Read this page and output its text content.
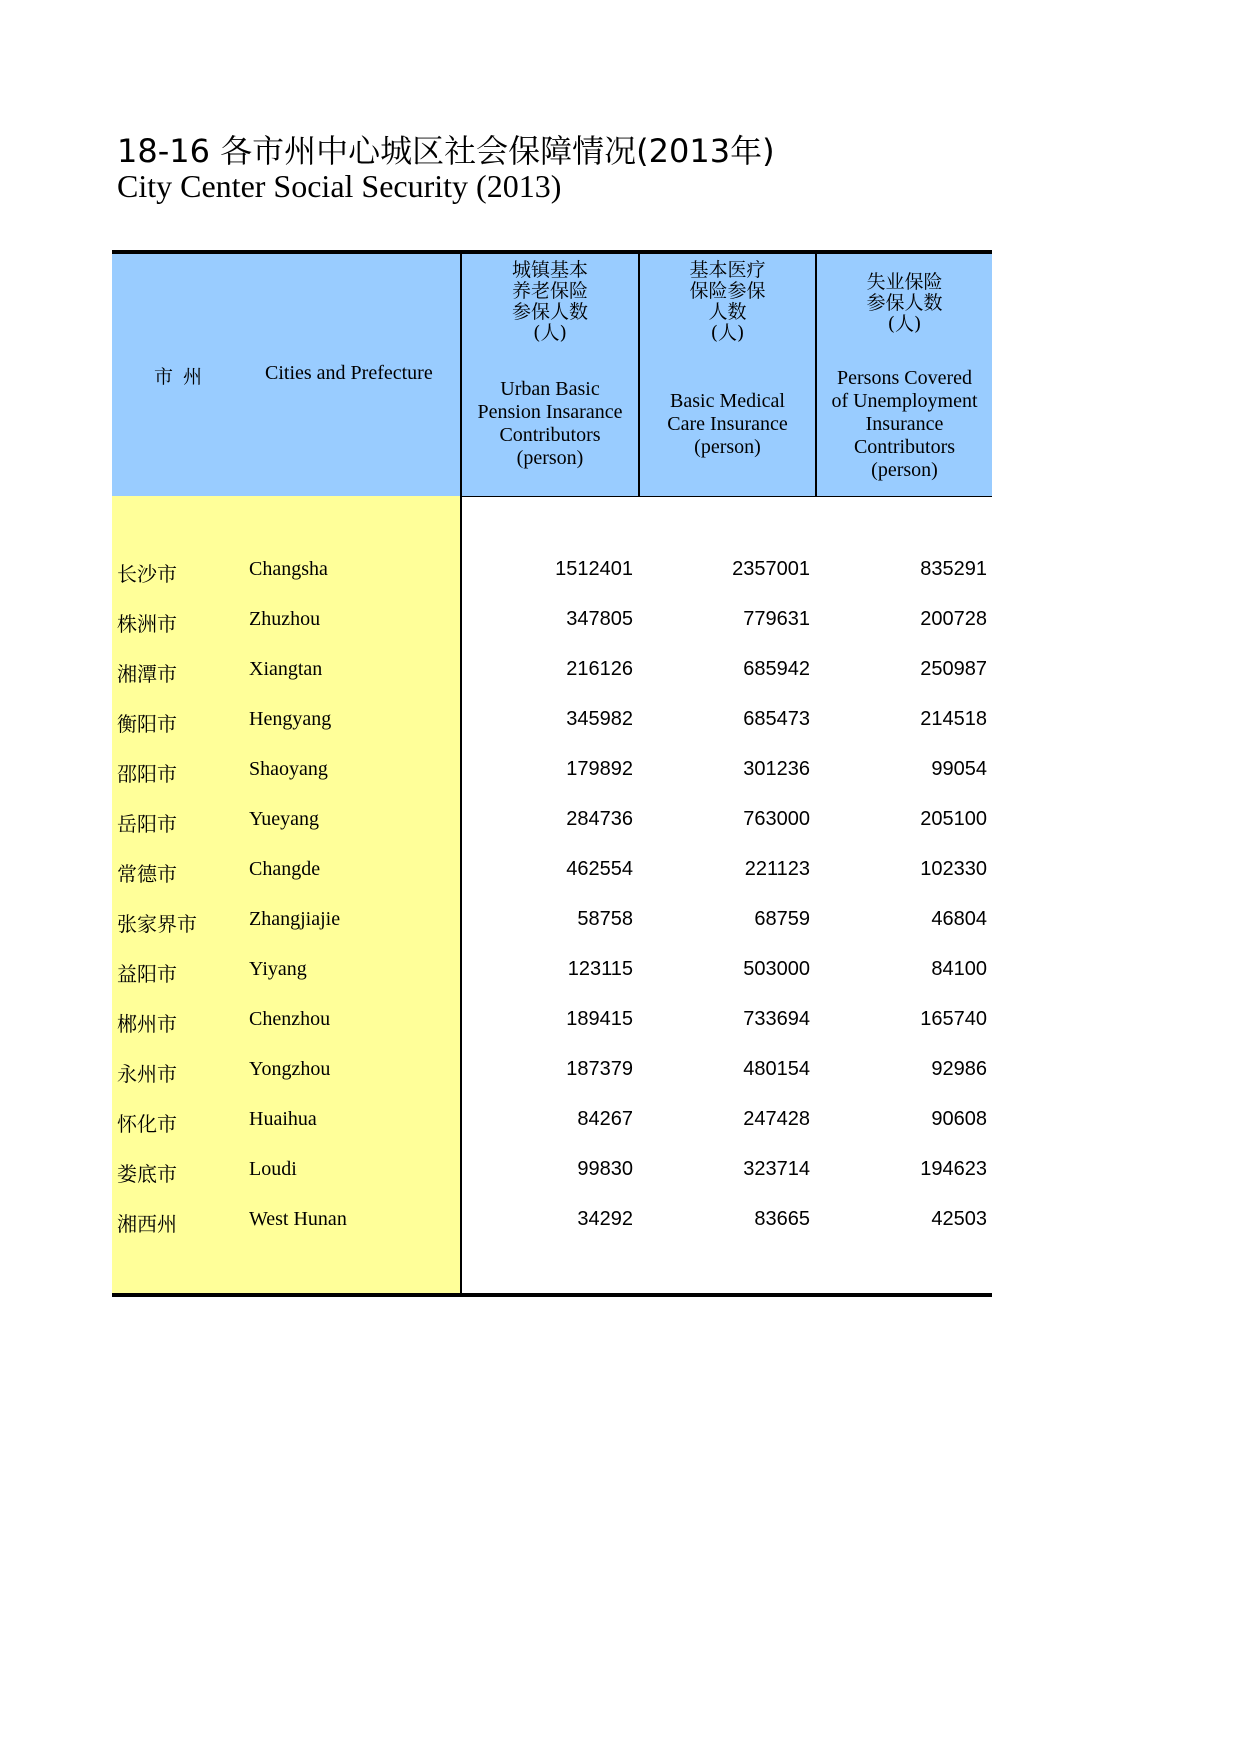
18-16 各市州中心城区社会保障情况(2013年)
City Center Social Security (2013)
市州	Cities and Prefecture
城镇基本
养老保险
参保人数
(人)
Urban Basic
Pension Insarance
Contributors
(person)
基本医疗
保险参保
人数
(人)
Basic Medical
Care Insurance
(person)
失业保险
参保人数
(人)
Persons Covered
of Unemployment
Insurance
Contributors
(person)
长沙市	Changsha	1512401	2357001	835291
株洲市	Zhuzhou	347805	779631	200728
湘潭市	Xiangtan	216126	685942	250987
衡阳市	Hengyang	345982	685473	214518
邵阳市	Shaoyang	179892	301236	99054
岳阳市	Yueyang	284736	763000	205100
常德市	Changde	462554	221123	102330
张家界市	Zhangjiajie	58758	68759	46804
益阳市	Yiyang	123115	503000	84100
郴州市	Chenzhou	189415	733694	165740
永州市	Yongzhou	187379	480154	92986
怀化市	Huaihua	84267	247428	90608
娄底市	Loudi	99830	323714	194623
湘西州	West Hunan	34292	83665	42503
